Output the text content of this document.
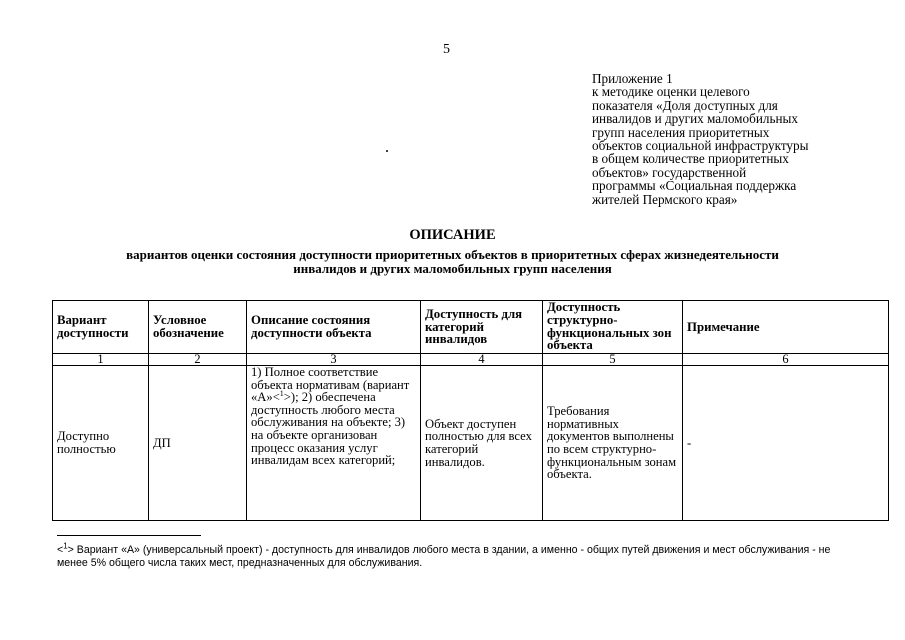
5
Приложение 1
к методике оценки целевого
показателя «Доля доступных для
инвалидов и других маломобильных
групп населения приоритетных
объектов социальной инфраструктуры
в общем количестве приоритетных
объектов» государственной
программы «Социальная поддержка
жителей Пермского края»
ОПИСАНИЕ
вариантов оценки состояния доступности приоритетных объектов в приоритетных сферах жизнедеятельности
инвалидов и других маломобильных групп населения
Вариант доступности	Условное обозначение	Описание состояния доступности объекта	Доступность для категорий инвалидов	Доступность структурно-функциональных зон объекта	Примечание
1	2	3	4	5	6
Доступно полностью	ДП	1) Полное соответствие объекта нормативам (вариант «А»<$^1$>); 2) обеспечена доступность любого места обслуживания на объекте; 3) на объекте организован процесс оказания услуг инвалидам всех категорий;	Объект доступен полностью для всех категорий инвалидов.	Требования нормативных документов выполнены по всем структурно-функциональным зонам объекта.	-
<$^1$> Вариант «А» (универсальный проект) - доступность для инвалидов любого места в здании, а именно - общих путей движения и мест обслуживания - не менее 5% общего числа таких мест, предназначенных для обслуживания.
